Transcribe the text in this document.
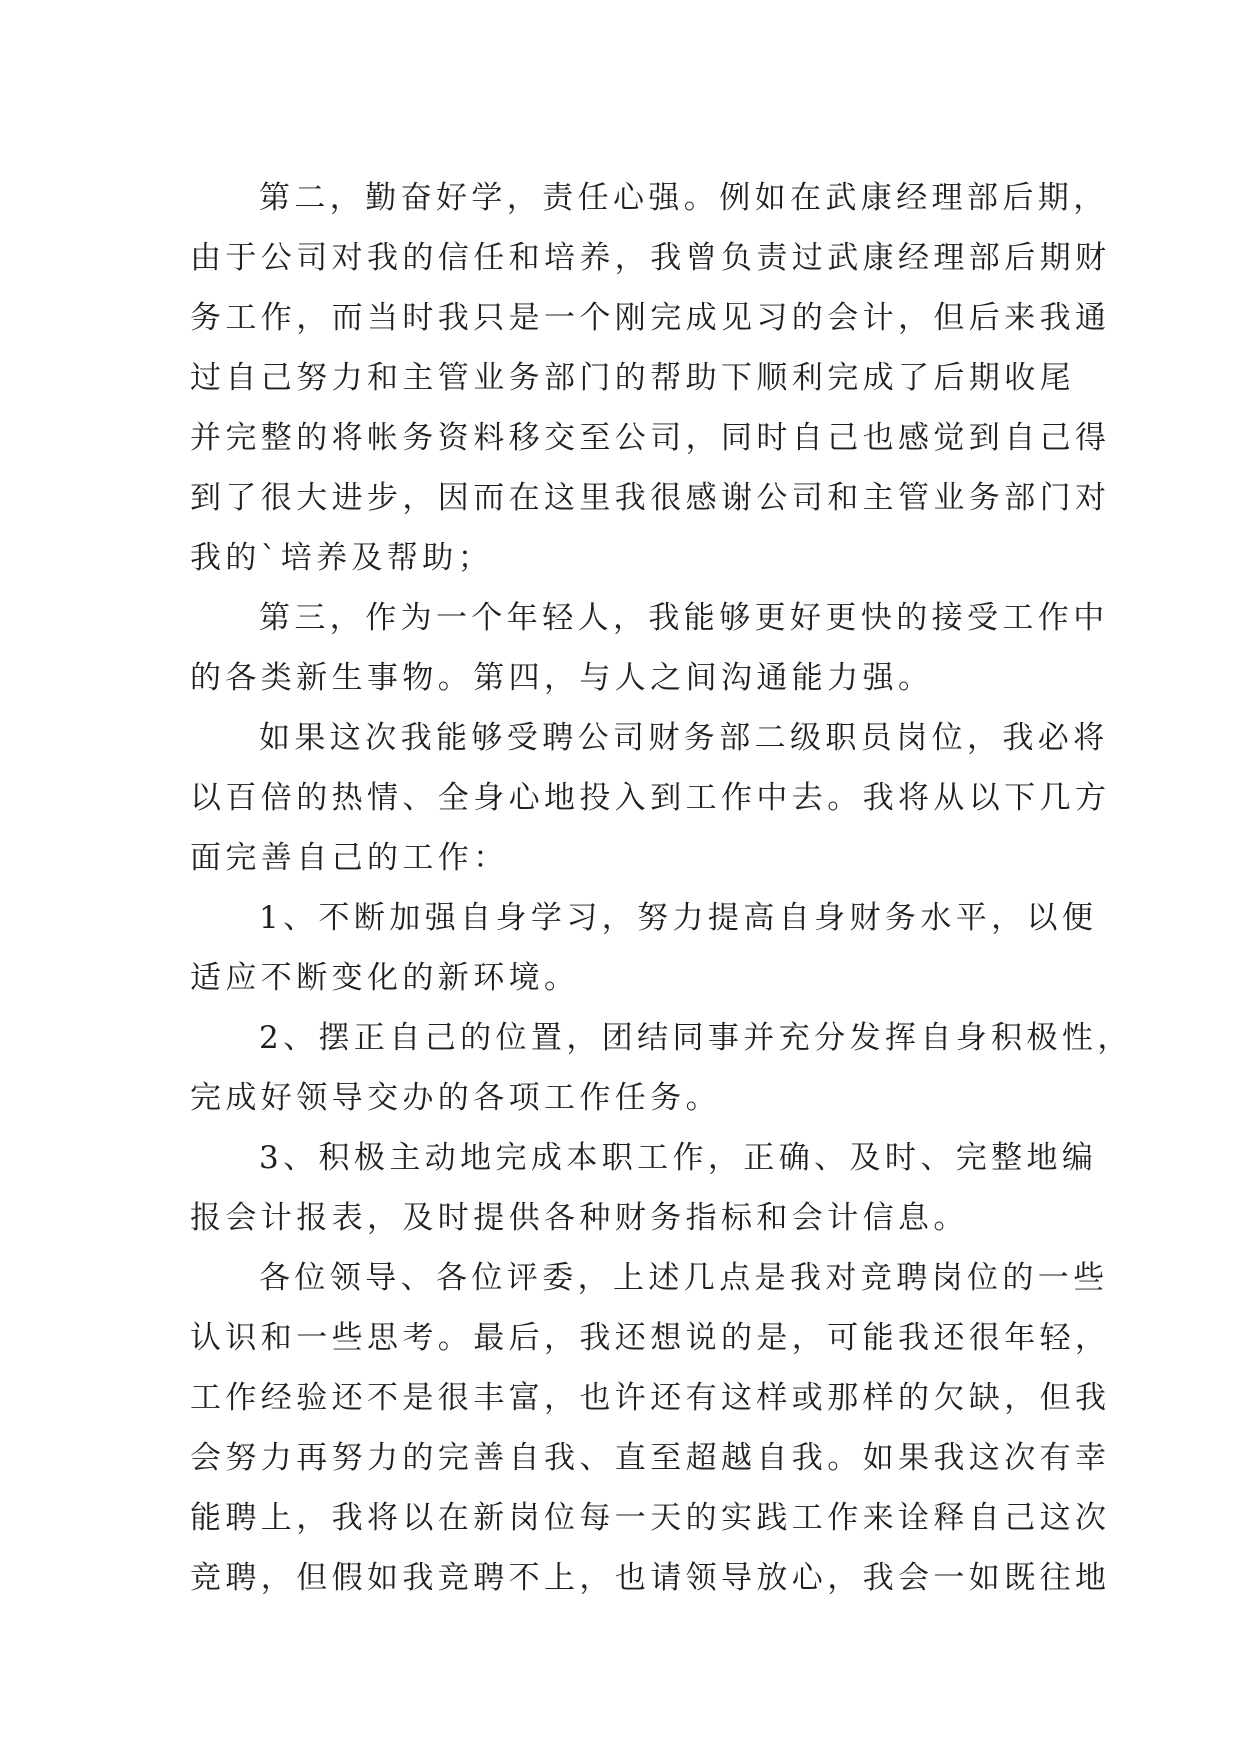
第二，勤奋好学，责任心强。例如在武康经理部后期，
由于公司对我的信任和培养，我曾负责过武康经理部后期财
务工作，而当时我只是一个刚完成见习的会计，但后来我通
过自己努力和主管业务部门的帮助下顺利完成了后期收尾
并完整的将帐务资料移交至公司，同时自己也感觉到自己得
到了很大进步，因而在这里我很感谢公司和主管业务部门对
我的`培养及帮助；
第三，作为一个年轻人，我能够更好更快的接受工作中
的各类新生事物。第四，与人之间沟通能力强。
如果这次我能够受聘公司财务部二级职员岗位，我必将
以百倍的热情、全身心地投入到工作中去。我将从以下几方
面完善自己的工作：
1、不断加强自身学习，努力提高自身财务水平，以便
适应不断变化的新环境。
2、摆正自己的位置，团结同事并充分发挥自身积极性，
完成好领导交办的各项工作任务。
3、积极主动地完成本职工作，正确、及时、完整地编
报会计报表，及时提供各种财务指标和会计信息。
各位领导、各位评委，上述几点是我对竞聘岗位的一些
认识和一些思考。最后，我还想说的是，可能我还很年轻，
工作经验还不是很丰富，也许还有这样或那样的欠缺，但我
会努力再努力的完善自我、直至超越自我。如果我这次有幸
能聘上，我将以在新岗位每一天的实践工作来诠释自己这次
竞聘，但假如我竞聘不上，也请领导放心，我会一如既往地
